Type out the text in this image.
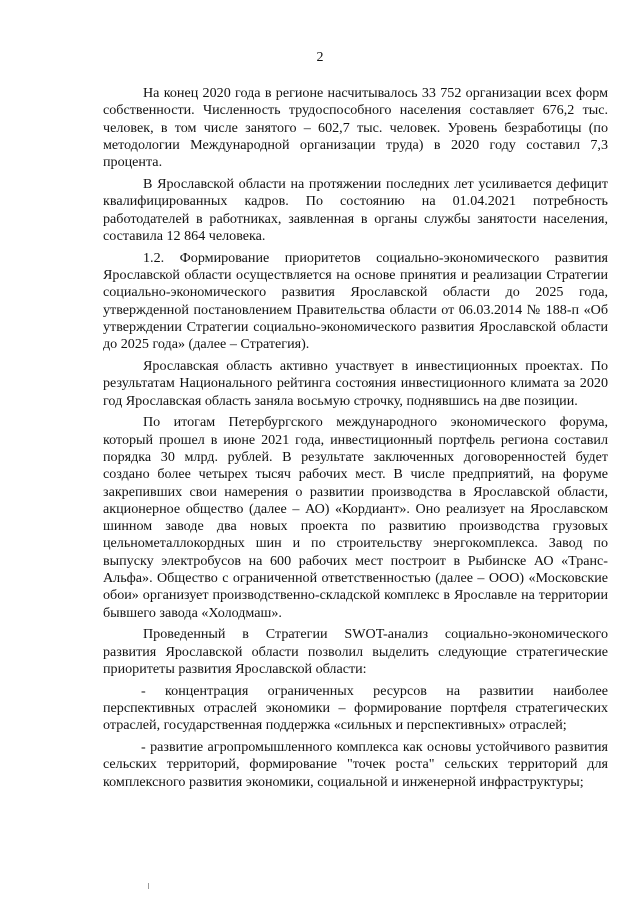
2

На конец 2020 года в регионе насчитывалось 33 752 организации всех форм собственности. Численность трудоспособного населения составляет 676,2 тыс. человек, в том числе занятого – 602,7 тыс. человек. Уровень безработицы (по методологии Международной организации труда) в 2020 году составил 7,3 процента.

В Ярославской области на протяжении последних лет усиливается дефицит квалифицированных кадров. По состоянию на 01.04.2021 потребность работодателей в работниках, заявленная в органы службы занятости населения, составила 12 864 человека.

1.2. Формирование приоритетов социально-экономического развития Ярославской области осуществляется на основе принятия и реализации Стратегии социально-экономического развития Ярославской области до 2025 года, утвержденной постановлением Правительства области от 06.03.2014 № 188-п «Об утверждении Стратегии социально-экономического развития Ярославской области до 2025 года» (далее – Стратегия).

Ярославская область активно участвует в инвестиционных проектах. По результатам Национального рейтинга состояния инвестиционного климата за 2020 год Ярославская область заняла восьмую строчку, поднявшись на две позиции.

По итогам Петербургского международного экономического форума, который прошел в июне 2021 года, инвестиционный портфель региона составил порядка 30 млрд. рублей. В результате заключенных договоренностей будет создано более четырех тысяч рабочих мест. В числе предприятий, на форуме закрепивших свои намерения о развитии производства в Ярославской области, акционерное общество (далее – АО) «Кордиант». Оно реализует на Ярославском шинном заводе два новых проекта по развитию производства грузовых цельнометаллокордных шин и по строительству энергокомплекса. Завод по выпуску электробусов на 600 рабочих мест построит в Рыбинске АО «Транс-Альфа». Общество с ограниченной ответственностью (далее – ООО) «Московские обои» организует производственно-складской комплекс в Ярославле на территории бывшего завода «Холодмаш».

Проведенный в Стратегии SWOT-анализ социально-экономического развития Ярославской области позволил выделить следующие стратегические приоритеты развития Ярославской области:

- концентрация ограниченных ресурсов на развитии наиболее перспективных отраслей экономики – формирование портфеля стратегических отраслей, государственная поддержка «сильных и перспективных» отраслей;

- развитие агропромышленного комплекса как основы устойчивого развития сельских территорий, формирование "точек роста" сельских территорий для комплексного развития экономики, социальной и инженерной инфраструктуры;
